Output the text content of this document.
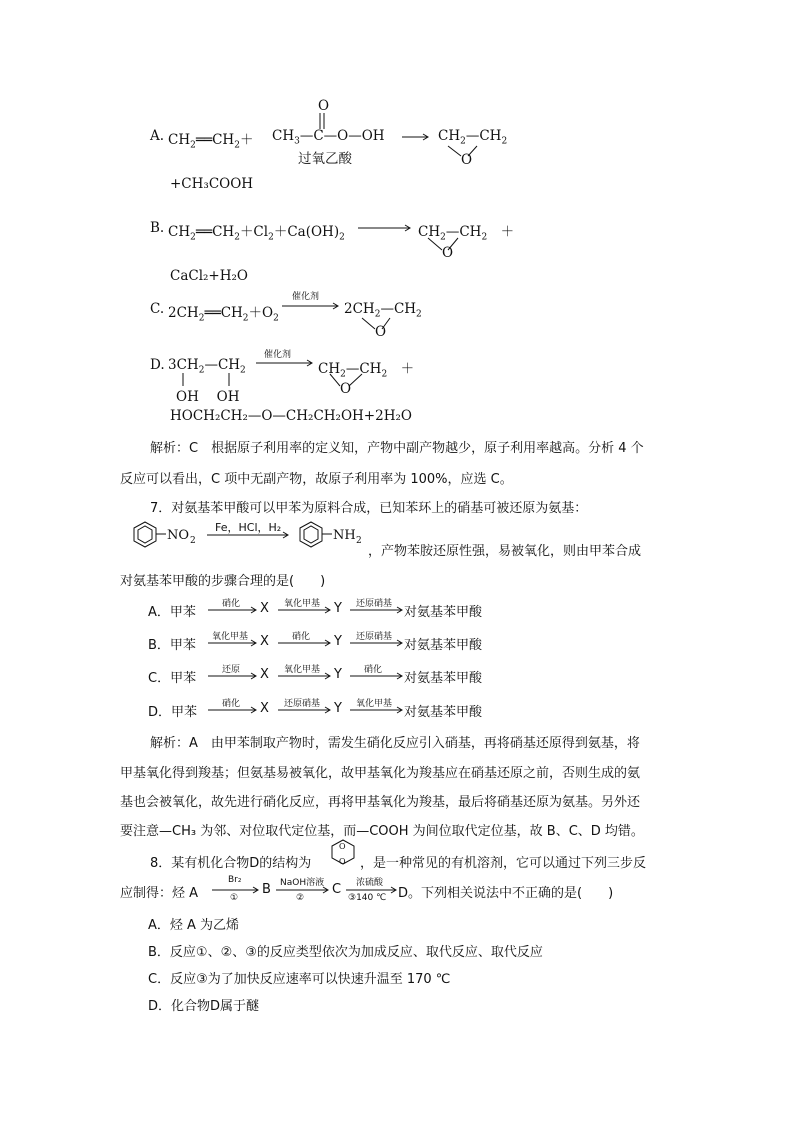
A. $CH_2══CH_2+$ $CH_3—C—O—OH$
O
过氧乙酸
$CH_2—CH_2$
O
+CH₃COOH
B. $CH_2══CH_2+Cl_2+Ca(OH)_2$	$CH_2—CH_2$　＋
O
CaCl₂+H₂O
C. $2CH_2══CH_2+O_2$
催化剂
$2CH_2—CH_2$
O
D. $3CH_2—CH_2$
OH　 OH
催化剂
$CH_2—CH_2$　＋
O
HOCH₂CH₂—O—CH₂CH₂OH+2H₂O
解析：C　根据原子利用率的定义知，产物中副产物越少，原子利用率越高。分析 4 个
反应可以看出，C 项中无副产物，故原子利用率为 100%，应选 C。
7．对氨基苯甲酸可以甲苯为原料合成，已知苯环上的硝基可被还原为氨基：
NO 2	NH 2
Fe，HCl，H₂
，产物苯胺还原性强，易被氧化，则由甲苯合成
对氨基苯甲酸的步骤合理的是(　　)
A．甲苯
硝化	氧化甲基	还原硝基
X	Y	对氨基苯甲酸
B．甲苯
氧化甲基	硝化	还原硝基
X	Y	对氨基苯甲酸
C．甲苯
还原	氧化甲基	硝化
X	Y	对氨基苯甲酸
D．甲苯
硝化	还原硝基	氧化甲基
X	Y	对氨基苯甲酸
解析：A　由甲苯制取产物时，需发生硝化反应引入硝基，再将硝基还原得到氨基，将
甲基氧化得到羧基；但氨基易被氧化，故甲基氧化为羧基应在硝基还原之前，否则生成的氨
基也会被氧化，故先进行硝化反应，再将甲基氧化为羧基，最后将硝基还原为氨基。另外还
要注意—CH₃ 为邻、对位取代定位基，而—COOH 为间位取代定位基，故 B、C、D 均错。
8．某有机化合物D的结构为
O
O ，是一种常见的有机溶剂，它可以通过下列三步反
应制得：烃 A
Br₂
①
B NaOH溶液
②
C 浓硫酸
③140 ℃ D。下列相关说法中不正确的是(　　)
A．烃 A 为乙烯
B．反应①、②、③的反应类型依次为加成反应、取代反应、取代反应
C．反应③为了加快反应速率可以快速升温至 170 ℃
D．化合物D属于醚
